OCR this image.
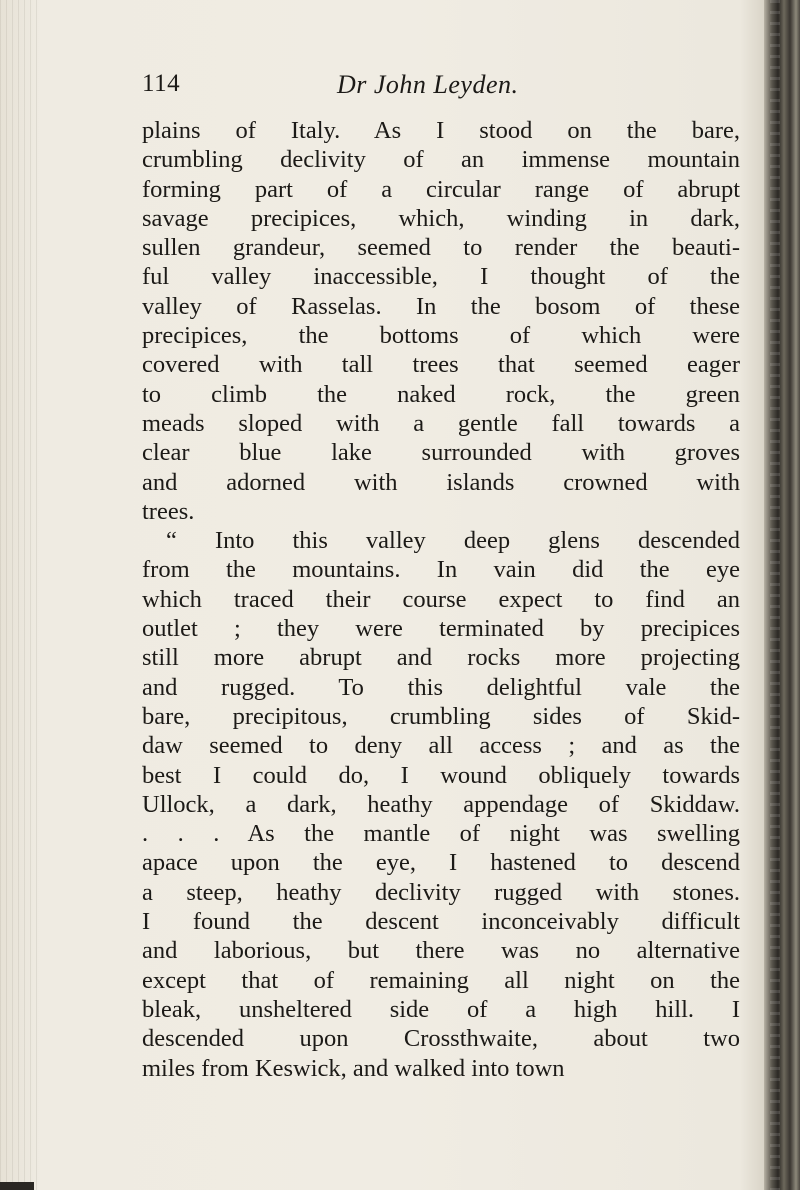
114	Dr John Leyden.
plains of Italy. As I stood on the bare,
crumbling declivity of an immense mountain
forming part of a circular range of abrupt
savage precipices, which, winding in dark,
sullen grandeur, seemed to render the beauti-
ful valley inaccessible, I thought of the
valley of Rasselas. In the bosom of these
precipices, the bottoms of which were
covered with tall trees that seemed eager
to climb the naked rock, the green
meads sloped with a gentle fall towards a
clear blue lake surrounded with groves
and adorned with islands crowned with
trees.
“ Into this valley deep glens descended
from the mountains. In vain did the eye
which traced their course expect to find an
outlet ; they were terminated by precipices
still more abrupt and rocks more projecting
and rugged. To this delightful vale the
bare, precipitous, crumbling sides of Skid-
daw seemed to deny all access ; and as the
best I could do, I wound obliquely towards
Ullock, a dark, heathy appendage of Skiddaw.
. . . As the mantle of night was swelling
apace upon the eye, I hastened to descend
a steep, heathy declivity rugged with stones.
I found the descent inconceivably difficult
and laborious, but there was no alternative
except that of remaining all night on the
bleak, unsheltered side of a high hill. I
descended upon Crossthwaite, about two
miles from Keswick, and walked into town
